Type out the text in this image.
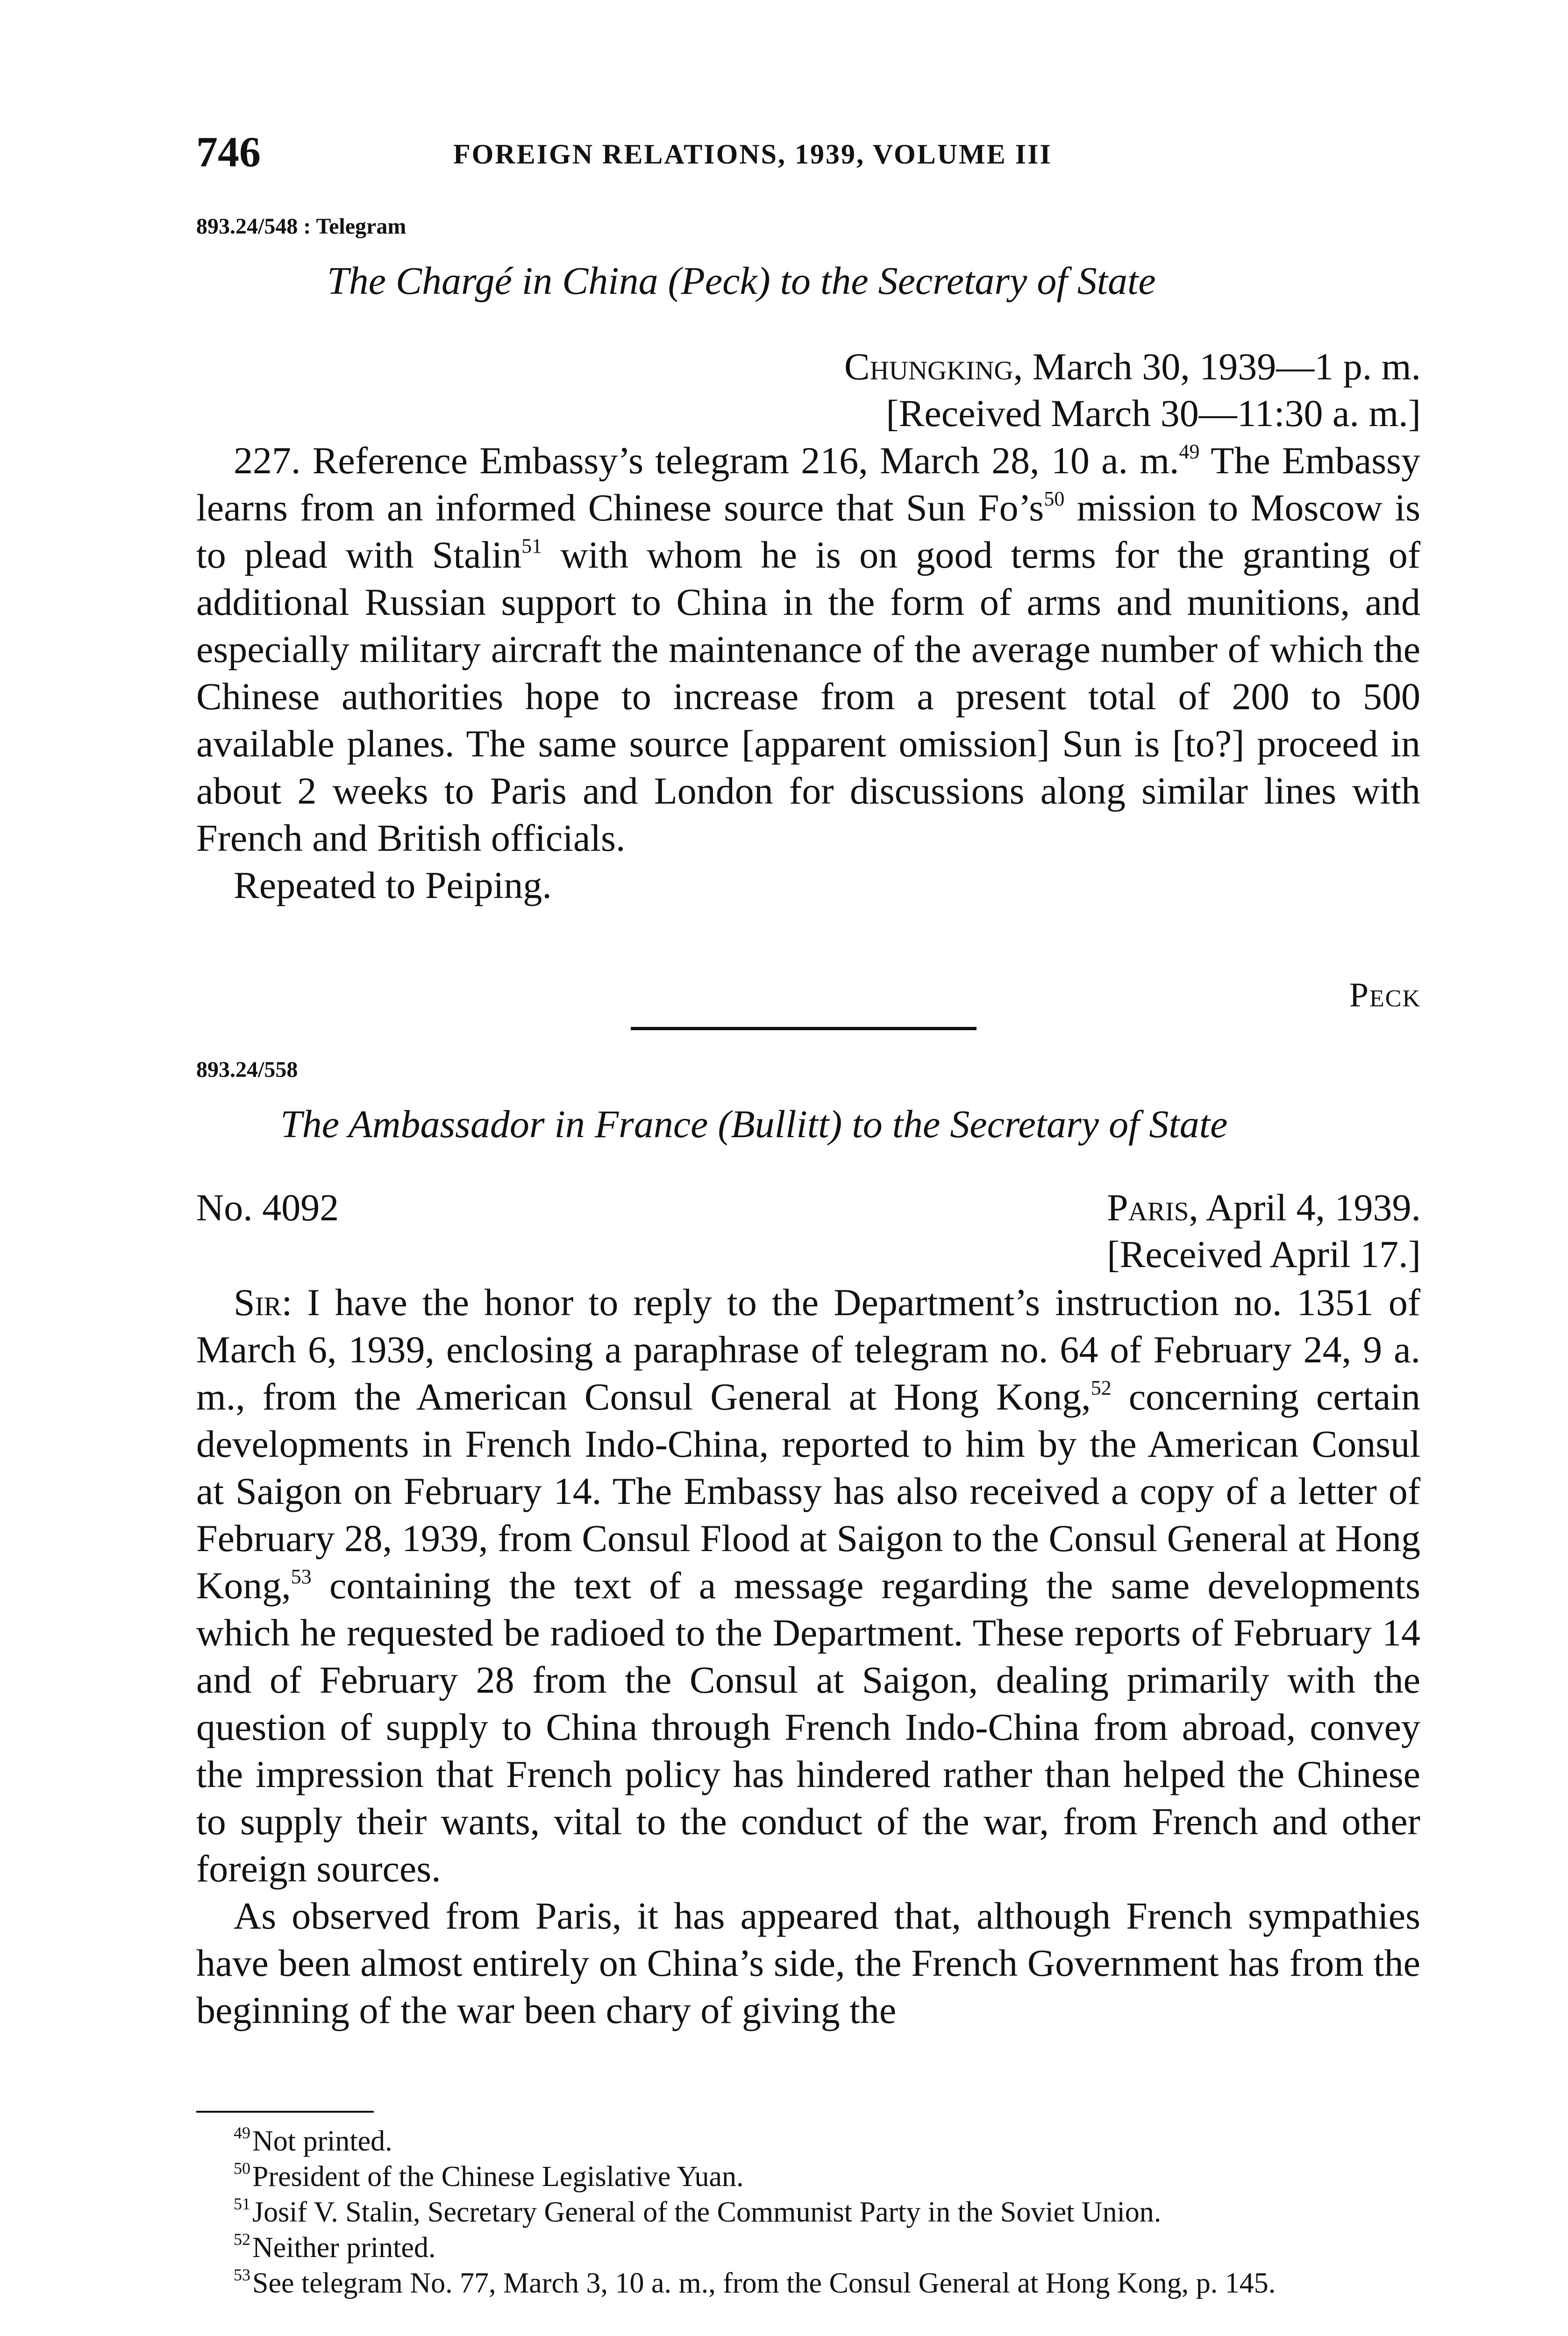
746	FOREIGN RELATIONS, 1939, VOLUME III
893.24/548 : Telegram
The Chargé in China (Peck) to the Secretary of State
Chungking, March 30, 1939—1 p. m.
[Received March 30—11:30 a. m.]

227. Reference Embassy’s telegram 216, March 28, 10 a. m.$^{49}$ The Embassy learns from an informed Chinese source that Sun $Fo’s^{50}$ mission to Moscow is to plead with Stalin$^{51}$ with whom he is on good terms for the granting of additional Russian support to China in the form of arms and munitions, and especially military aircraft the maintenance of the average number of which the Chinese authorities hope to increase from a present total of 200 to 500 available planes. The same source [apparent omission] Sun is [to?] proceed in about 2 weeks to Paris and London for discussions along similar lines with French and British officials.

Repeated to Peiping.

Peck
893.24/558
The Ambassador in France (Bullitt) to the Secretary of State
No. 4092	Paris, April 4, 1939.
[Received April 17.]

Sir: I have the honor to reply to the Department’s instruction no. 1351 of March 6, 1939, enclosing a paraphrase of telegram no. 64 of February 24, 9 a. m., from the American Consul General at Hong Kong,$^{52}$ concerning certain developments in French Indo-China, reported to him by the American Consul at Saigon on February 14. The Embassy has also received a copy of a letter of February 28, 1939, from Consul Flood at Saigon to the Consul General at Hong Kong,$^{53}$ containing the text of a message regarding the same developments which he requested be radioed to the Department. These reports of February 14 and of February 28 from the Consul at Saigon, dealing primarily with the question of supply to China through French Indo-China from abroad, convey the impression that French policy has hindered rather than helped the Chinese to supply their wants, vital to the conduct of the war, from French and other foreign sources.

As observed from Paris, it has appeared that, although French sympathies have been almost entirely on China’s side, the French Government has from the beginning of the war been chary of giving the

$^{49}$Not printed.

$^{50}$President of the Chinese Legislative Yuan.

$^{51}$Josif V. Stalin, Secretary General of the Communist Party in the Soviet Union.

$^{52}$Neither printed.

$^{53}$See telegram No. 77, March 3, 10 a. m., from the Consul General at Hong Kong, p. 145.
